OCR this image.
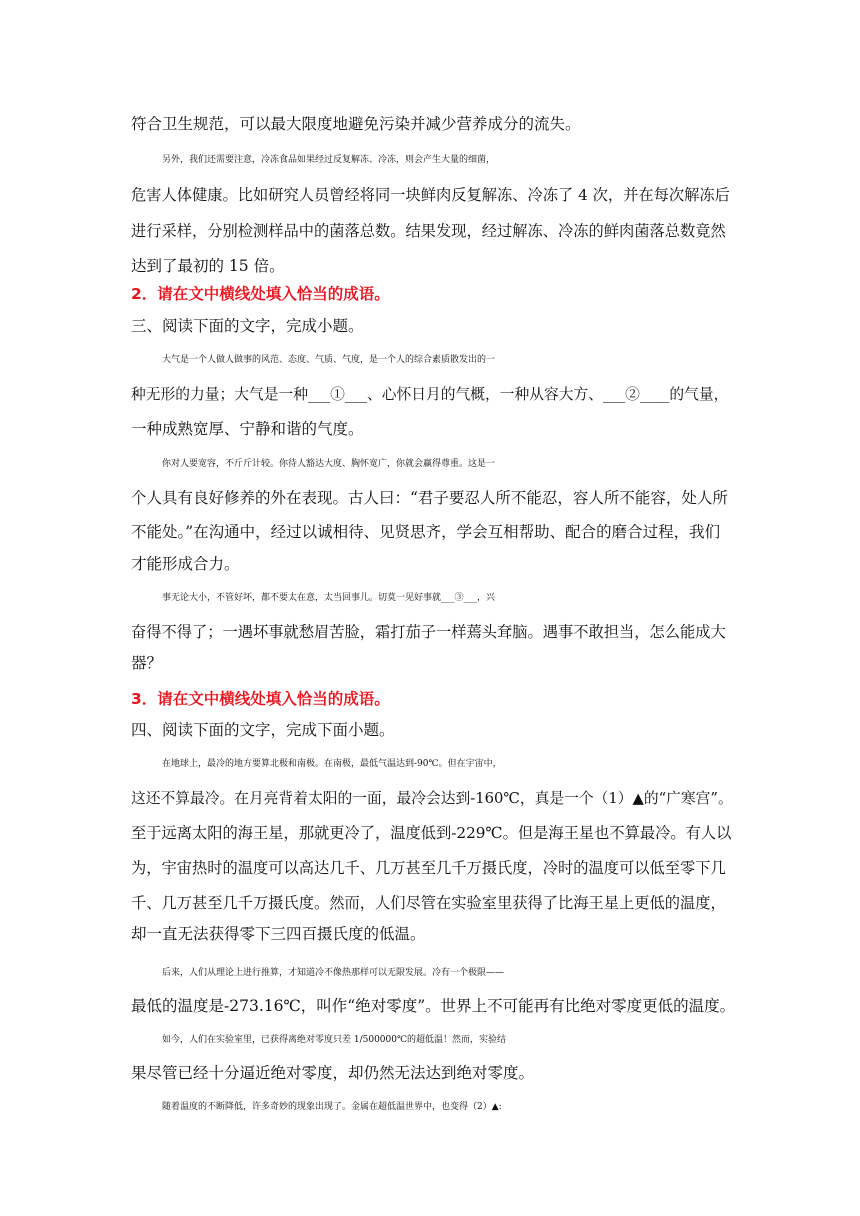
符合卫生规范，可以最大限度地避免污染并减少营养成分的流失。
另外，我们还需要注意，冷冻食品如果经过反复解冻、冷冻，则会产生大量的细菌，
危害人体健康。比如研究人员曾经将同一块鲜肉反复解冻、冷冻了 4 次，并在每次解冻后
进行采样，分别检测样品中的菌落总数。结果发现，经过解冻、冷冻的鲜肉菌落总数竟然
达到了最初的 15 倍。
2．请在文中横线处填入恰当的成语。
三、阅读下面的文字，完成小题。
大气是一个人做人做事的风范、态度、气质、气度，是一个人的综合素质散发出的一
种无形的力量；大气是一种___①___、心怀日月的气概，一种从容大方、___②____的气量，
一种成熟宽厚、宁静和谐的气度。
你对人要宽容，不斤斤计较。你待人豁达大度、胸怀宽广，你就会赢得尊重。这是一
个人具有良好修养的外在表现。古人曰：“君子要忍人所不能忍，容人所不能容，处人所
不能处。”在沟通中，经过以诚相待、见贤思齐，学会互相帮助、配合的磨合过程，我们
才能形成合力。
事无论大小，不管好坏，都不要太在意，太当回事儿。切莫一见好事就___③___，兴
奋得不得了；一遇坏事就愁眉苦脸，霜打茄子一样蔫头耷脑。遇事不敢担当，怎么能成大
器？
3．请在文中横线处填入恰当的成语。
四、阅读下面的文字，完成下面小题。
在地球上，最冷的地方要算北极和南极。在南极，最低气温达到-90℃。但在宇宙中，
这还不算最冷。在月亮背着太阳的一面，最冷会达到-160℃，真是一个（1）▲的“广寒宫”。
至于远离太阳的海王星，那就更冷了，温度低到-229℃。但是海王星也不算最冷。有人以
为，宇宙热时的温度可以高达几千、几万甚至几千万摄氏度，冷时的温度可以低至零下几
千、几万甚至几千万摄氏度。然而，人们尽管在实验室里获得了比海王星上更低的温度，
却一直无法获得零下三四百摄氏度的低温。
后来，人们从理论上进行推算，才知道冷不像热那样可以无限发展。冷有一个极限——
最低的温度是-273.16℃，叫作“绝对零度”。世界上不可能再有比绝对零度更低的温度。
如今，人们在实验室里，已获得离绝对零度只差 1/500000℃的超低温！然而，实验结
果尽管已经十分逼近绝对零度，却仍然无法达到绝对零度。
随着温度的不断降低，许多奇妙的现象出现了。金属在超低温世界中，也变得（2）▲:
